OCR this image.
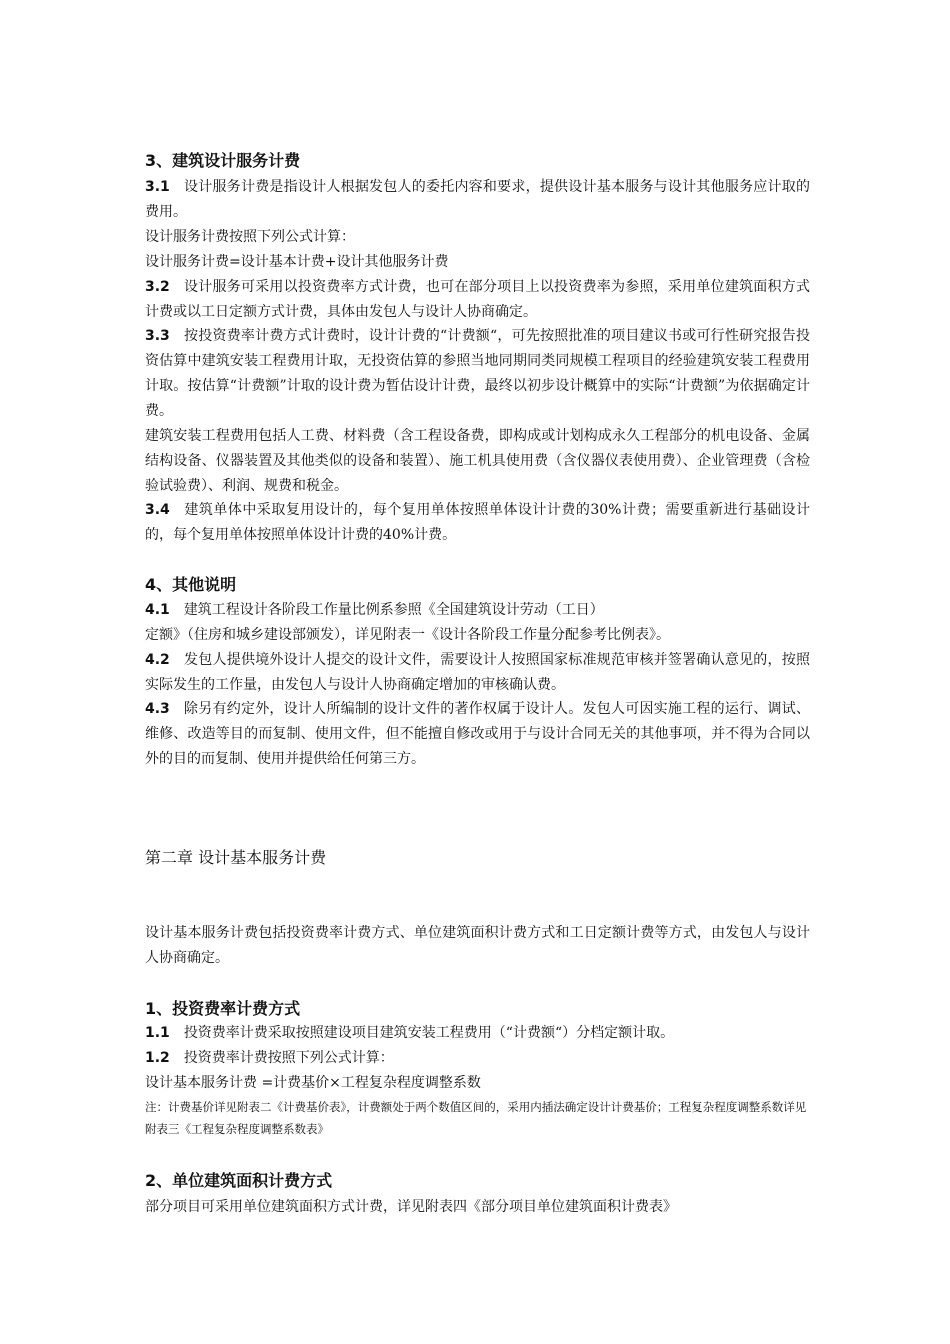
3、建筑设计服务计费
3.1 设计服务计费是指设计人根据发包人的委托内容和要求，提供设计基本服务与设计其他服务应计取的费用。
设计服务计费按照下列公式计算：
设计服务计费=设计基本计费+设计其他服务计费
3.2 设计服务可采用以投资费率方式计费，也可在部分项目上以投资费率为参照，采用单位建筑面积方式计费或以工日定额方式计费，具体由发包人与设计人协商确定。
3.3 按投资费率计费方式计费时，设计计费的“计费额“，可先按照批准的项目建议书或可行性研究报告投资估算中建筑安装工程费用计取，无投资估算的参照当地同期同类同规模工程项目的经验建筑安装工程费用计取。按估算“计费额”计取的设计费为暂估设计计费，最终以初步设计概算中的实际“计费额”为依据确定计费。
建筑安装工程费用包括人工费、材料费（含工程设备费，即构成或计划构成永久工程部分的机电设备、金属结构设备、仪器装置及其他类似的设备和装置）、施工机具使用费（含仪器仪表使用费）、企业管理费（含检验试验费）、利润、规费和税金。
3.4 建筑单体中采取复用设计的，每个复用单体按照单体设计计费的30%计费；需要重新进行基础设计的，每个复用单体按照单体设计计费的40%计费。
4、其他说明
4.1 建筑工程设计各阶段工作量比例系参照《全国建筑设计劳动（工日）
定额》（住房和城乡建设部颁发），详见附表一《设计各阶段工作量分配参考比例表》。
4.2 发包人提供境外设计人提交的设计文件，需要设计人按照国家标准规范审核并签署确认意见的，按照实际发生的工作量，由发包人与设计人协商确定增加的审核确认费。
4.3 除另有约定外，设计人所编制的设计文件的著作权属于设计人。发包人可因实施工程的运行、调试、维修、改造等目的而复制、使用文件，但不能擅自修改或用于与设计合同无关的其他事项，并不得为合同以外的目的而复制、使用并提供给任何第三方。
第二章 设计基本服务计费
设计基本服务计费包括投资费率计费方式、单位建筑面积计费方式和工日定额计费等方式，由发包人与设计人协商确定。
1、投资费率计费方式
1.1 投资费率计费采取按照建设项目建筑安装工程费用（“计费额“）分档定额计取。
1.2 投资费率计费按照下列公式计算：
设计基本服务计费 =计费基价×工程复杂程度调整系数
注：计费基价详见附表二《计费基价表》，计费额处于两个数值区间的，采用内插法确定设计计费基价；工程复杂程度调整系数详见附表三《工程复杂程度调整系数表》
2、单位建筑面积计费方式
部分项目可采用单位建筑面积方式计费，详见附表四《部分项目单位建筑面积计费表》
